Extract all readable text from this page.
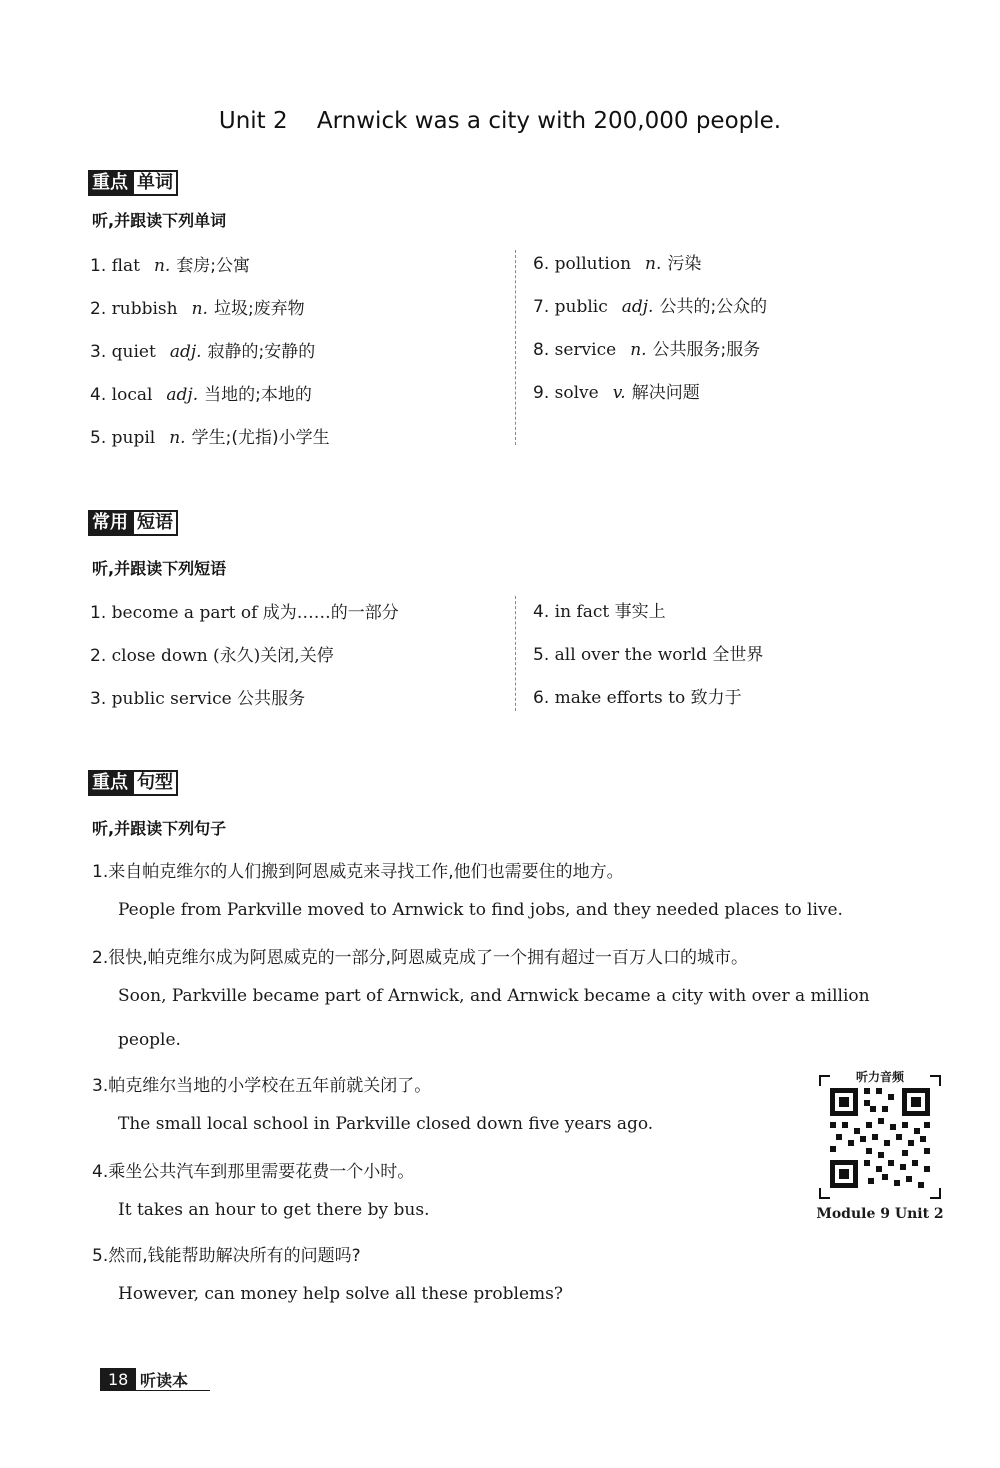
Unit 2    Arnwick was a city with 200,000 people.
重点 单词
听,并跟读下列单词
1. flat n. 套房;公寓
2. rubbish n. 垃圾;废弃物
3. quiet adj. 寂静的;安静的
4. local adj. 当地的;本地的
5. pupil n. 学生;(尤指)小学生
6. pollution n. 污染
7. public adj. 公共的;公众的
8. service n. 公共服务;服务
9. solve v. 解决问题
常用 短语
听,并跟读下列短语
1. become a part of 成为……的一部分
2. close down (永久)关闭,关停
3. public service 公共服务
4. in fact 事实上
5. all over the world 全世界
6. make efforts to 致力于
重点 句型
听,并跟读下列句子
1.来自帕克维尔的人们搬到阿恩威克来寻找工作,他们也需要住的地方。
People from Parkville moved to Arnwick to find jobs, and they needed places to live.
2.很快,帕克维尔成为阿恩威克的一部分,阿恩威克成了一个拥有超过一百万人口的城市。
Soon, Parkville became part of Arnwick, and Arnwick became a city with over a million
people.
3.帕克维尔当地的小学校在五年前就关闭了。
The small local school in Parkville closed down five years ago.
4.乘坐公共汽车到那里需要花费一个小时。
It takes an hour to get there by bus.
5.然而,钱能帮助解决所有的问题吗?
However, can money help solve all these problems?
听力音频
Module 9 Unit 2
18 听读本
